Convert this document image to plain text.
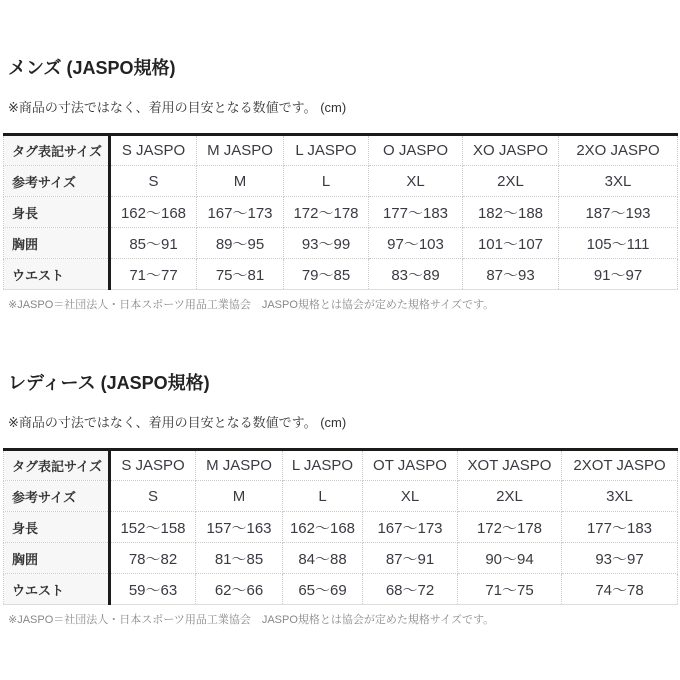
メンズ (JASPO規格)

※商品の寸法ではなく、着用の目安となる数値です。 (cm)

タグ表記サイズ	S JASPO	M JASPO	L JASPO	O JASPO	XO JASPO	2XO JASPO
参考サイズ	S	M	L	XL	2XL	3XL
身長	162〜168	167〜173	172〜178	177〜183	182〜188	187〜193
胸囲	85〜91	89〜95	93〜99	97〜103	101〜107	105〜111
ウエスト	71〜77	75〜81	79〜85	83〜89	87〜93	91〜97

※JASPO＝社団法人・日本スポーツ用品工業協会　JASPO規格とは協会が定めた規格サイズです。

レディース (JASPO規格)

※商品の寸法ではなく、着用の目安となる数値です。 (cm)

タグ表記サイズ	S JASPO	M JASPO	L JASPO	OT JASPO	XOT JASPO	2XOT JASPO
参考サイズ	S	M	L	XL	2XL	3XL
身長	152〜158	157〜163	162〜168	167〜173	172〜178	177〜183
胸囲	78〜82	81〜85	84〜88	87〜91	90〜94	93〜97
ウエスト	59〜63	62〜66	65〜69	68〜72	71〜75	74〜78

※JASPO＝社団法人・日本スポーツ用品工業協会　JASPO規格とは協会が定めた規格サイズです。
